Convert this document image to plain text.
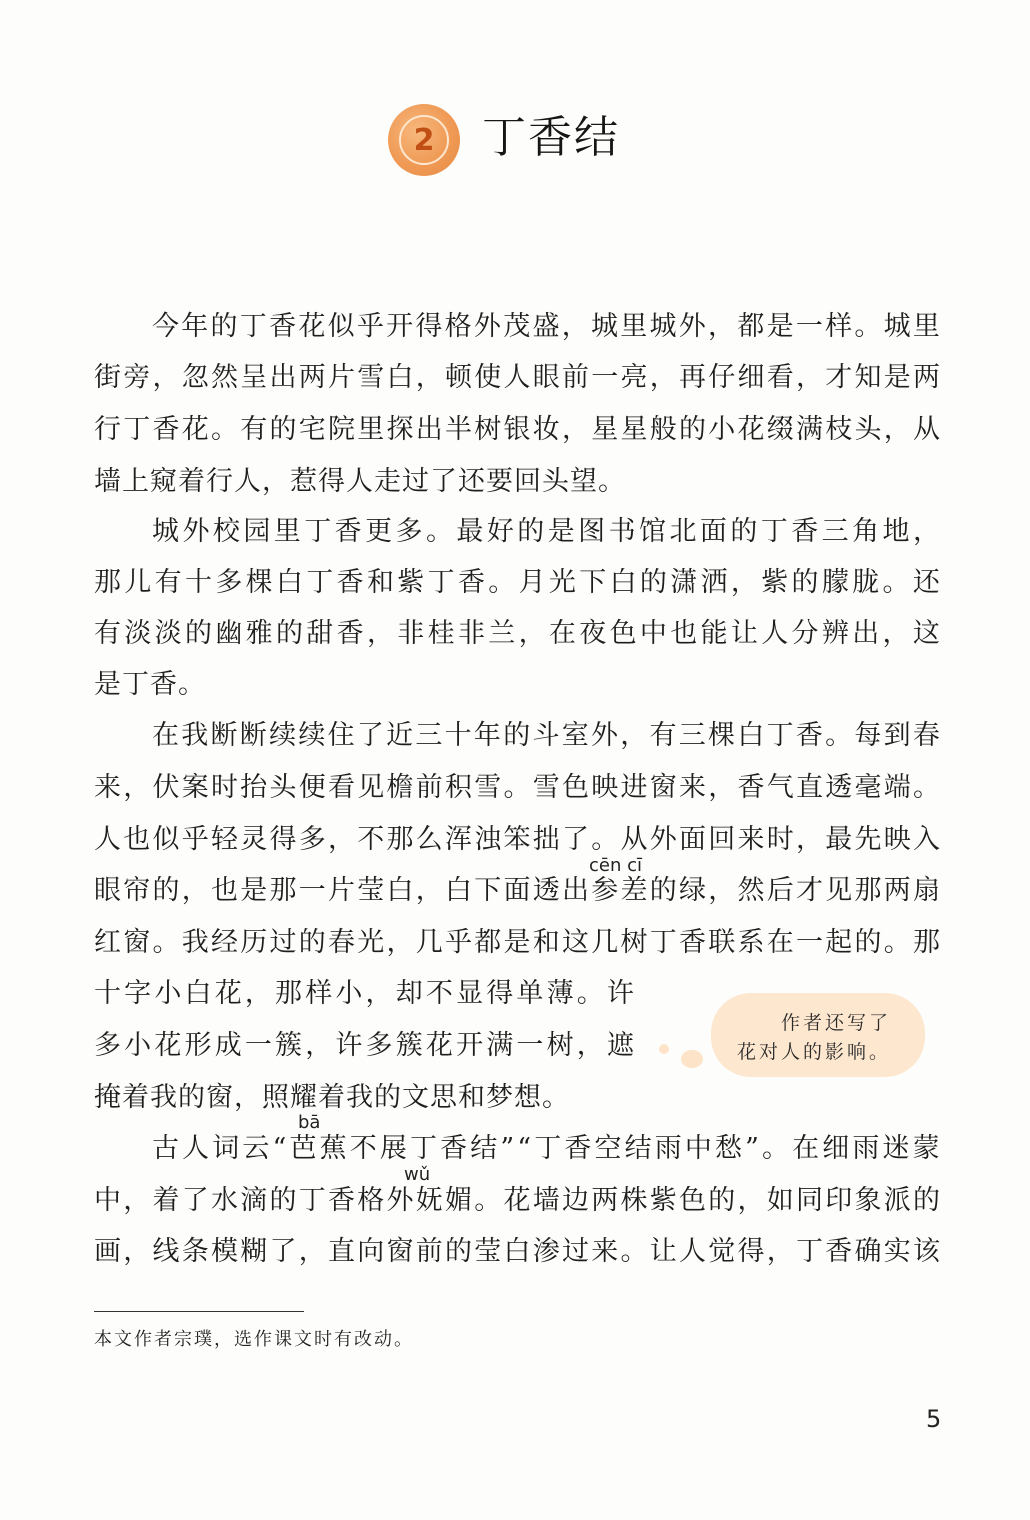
2	丁香结
今 年 的 丁 香 花 似 乎 开 得 格 外 茂 盛 ， 城 里 城 外 ， 都 是 一 样 。 城 里
街 旁 ， 忽 然 呈 出 两 片 雪 白 ， 顿 使 人 眼 前 一 亮 ， 再 仔 细 看 ， 才 知 是 两
行 丁 香 花 。 有 的 宅 院 里 探 出 半 树 银 妆 ， 星 星 般 的 小 花 缀 满 枝 头 ， 从
墙 上 窥 着 行 人 ， 惹 得 人 走 过 了 还 要 回 头 望 。
城 外 校 园 里 丁 香 更 多 。 最 好 的 是 图 书 馆 北 面 的 丁 香 三 角 地 ，
那 儿 有 十 多 棵 白 丁 香 和 紫 丁 香 。 月 光 下 白 的 潇 洒 ， 紫 的 朦 胧 。 还
有 淡 淡 的 幽 雅 的 甜 香 ， 非 桂 非 兰 ， 在 夜 色 中 也 能 让 人 分 辨 出 ， 这
是 丁 香 。
在 我 断 断 续 续 住 了 近 三 十 年 的 斗 室 外 ， 有 三 棵 白 丁 香 。 每 到 春
来 ， 伏 案 时 抬 头 便 看 见 檐 前 积 雪 。 雪 色 映 进 窗 来 ， 香 气 直 透 毫 端 。
人 也 似 乎 轻 灵 得 多 ， 不 那 么 浑 浊 笨 拙 了 。 从 外 面 回 来 时 ， 最 先 映 入
眼 帘 的 ， 也 是 那 一 片 莹 白 ， 白 下 面 透 出 参 差 的 绿 ， 然 后 才 见 那 两 扇
红 窗 。 我 经 历 过 的 春 光 ， 几 乎 都 是 和 这 几 树 丁 香 联 系 在 一 起 的 。 那
十 字 小 白 花 ， 那 样 小 ， 却 不 显 得 单 薄 。 许
多 小 花 形 成 一 簇 ， 许 多 簇 花 开 满 一 树 ， 遮
掩 着 我 的 窗 ， 照 耀 着 我 的 文 思 和 梦 想 。
古 人 词 云 “ 芭 蕉 不 展 丁 香 结 ” “ 丁 香 空 结 雨 中 愁 ” 。 在 细 雨 迷 蒙
中 ， 着 了 水 滴 的 丁 香 格 外 妩 媚 。 花 墙 边 两 株 紫 色 的 ， 如 同 印 象 派 的
画 ， 线 条 模 糊 了 ， 直 向 窗 前 的 莹 白 渗 过 来 。 让 人 觉 得 ， 丁 香 确 实 该
cēn cī
bā
wǔ
作者还写了
花对人的影响。
本文作者宗璞，选作课文时有改动。
5
